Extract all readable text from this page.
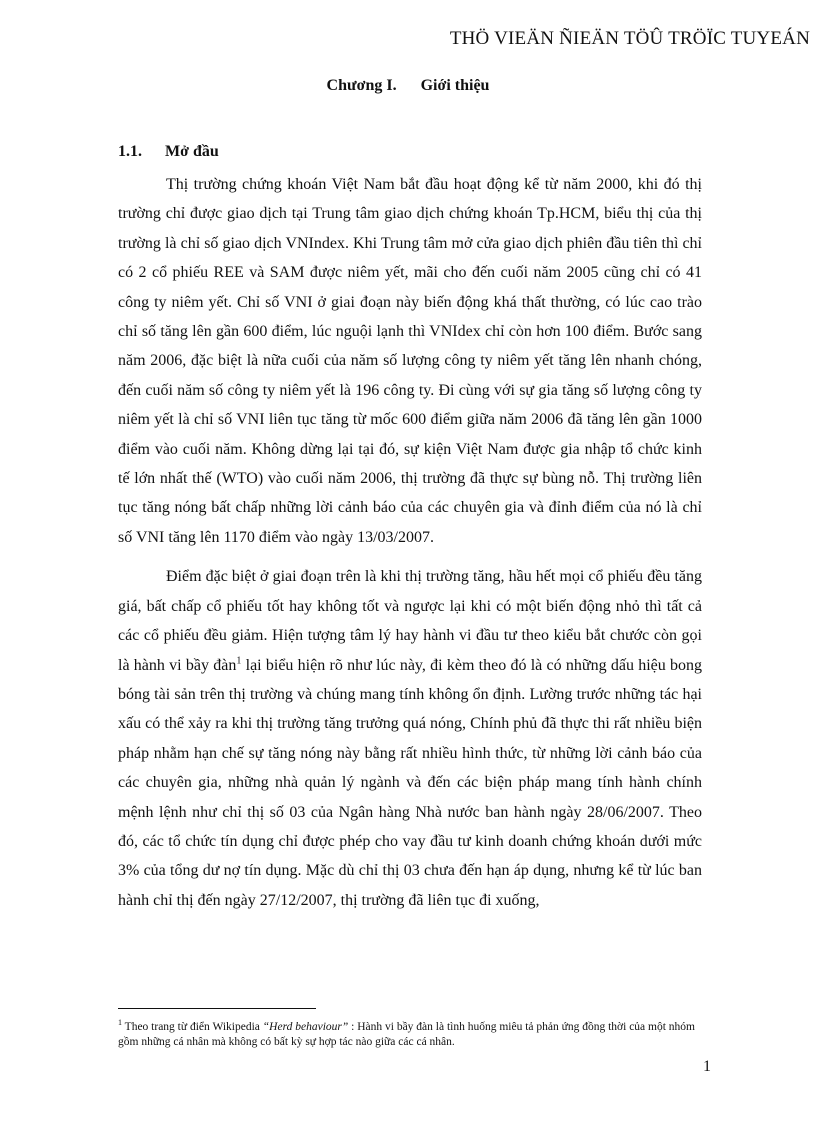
THÖ VIEÄN ÑIEÄN TÖÛ TRÖÏC TUYEÁN
Chương I. Giới thiệu
1.1. Mở đầu

Thị trường chứng khoán Việt Nam bắt đầu hoạt động kể từ năm 2000, khi đó thị trường chỉ được giao dịch tại Trung tâm giao dịch chứng khoán Tp.HCM, biểu thị của thị trường là chỉ số giao dịch VNIndex. Khi Trung tâm mở cửa giao dịch phiên đầu tiên thì chỉ có 2 cổ phiếu REE và SAM được niêm yết, mãi cho đến cuối năm 2005 cũng chỉ có 41 công ty niêm yết. Chỉ số VNI ở giai đoạn này biến động khá thất thường, có lúc cao trào chỉ số tăng lên gần 600 điểm, lúc nguội lạnh thì VNIdex chỉ còn hơn 100 điểm. Bước sang năm 2006, đặc biệt là nữa cuối của năm số lượng công ty niêm yết tăng lên nhanh chóng, đến cuối năm số công ty niêm yết là 196 công ty. Đi cùng với sự gia tăng số lượng công ty niêm yết là chỉ số VNI liên tục tăng từ mốc 600 điểm giữa năm 2006 đã tăng lên gần 1000 điểm vào cuối năm. Không dừng lại tại đó, sự kiện Việt Nam được gia nhập tổ chức kinh tế lớn nhất thế (WTO) vào cuối năm 2006, thị trường đã thực sự bùng nỗ. Thị trường liên tục tăng nóng bất chấp những lời cảnh báo của các chuyên gia và đỉnh điểm của nó là chỉ số VNI tăng lên 1170 điểm vào ngày 13/03/2007.

Điểm đặc biệt ở giai đoạn trên là khi thị trường tăng, hầu hết mọi cổ phiếu đều tăng giá, bất chấp cổ phiếu tốt hay không tốt và ngược lại khi có một biến động nhỏ thì tất cả các cổ phiếu đều giảm. Hiện tượng tâm lý hay hành vi đầu tư theo kiểu bắt chước còn gọi là hành vi bầy đàn$^1$ lại biểu hiện rõ như lúc này, đi kèm theo đó là có những dấu hiệu bong bóng tài sản trên thị trường và chúng mang tính không ổn định. Lường trước những tác hại xấu có thể xảy ra khi thị trường tăng trưởng quá nóng, Chính phủ đã thực thi rất nhiều biện pháp nhằm hạn chế sự tăng nóng này bằng rất nhiều hình thức, từ những lời cảnh báo của các chuyên gia, những nhà quản lý ngành và đến các biện pháp mang tính hành chính mệnh lệnh như chỉ thị số 03 của Ngân hàng Nhà nước ban hành ngày 28/06/2007. Theo đó, các tổ chức tín dụng chỉ được phép cho vay đầu tư kinh doanh chứng khoán dưới mức 3% của tổng dư nợ tín dụng. Mặc dù chỉ thị 03 chưa đến hạn áp dụng, nhưng kể từ lúc ban hành chỉ thị đến ngày 27/12/2007, thị trường đã liên tục đi xuống,

$^1$ Theo trang từ điển Wikipedia “Herd behaviour” : Hành vi bầy đàn là tình huống miêu tả phản ứng đồng thời của một nhóm gồm những cá nhân mà không có bất kỳ sự hợp tác nào giữa các cá nhân.
1
